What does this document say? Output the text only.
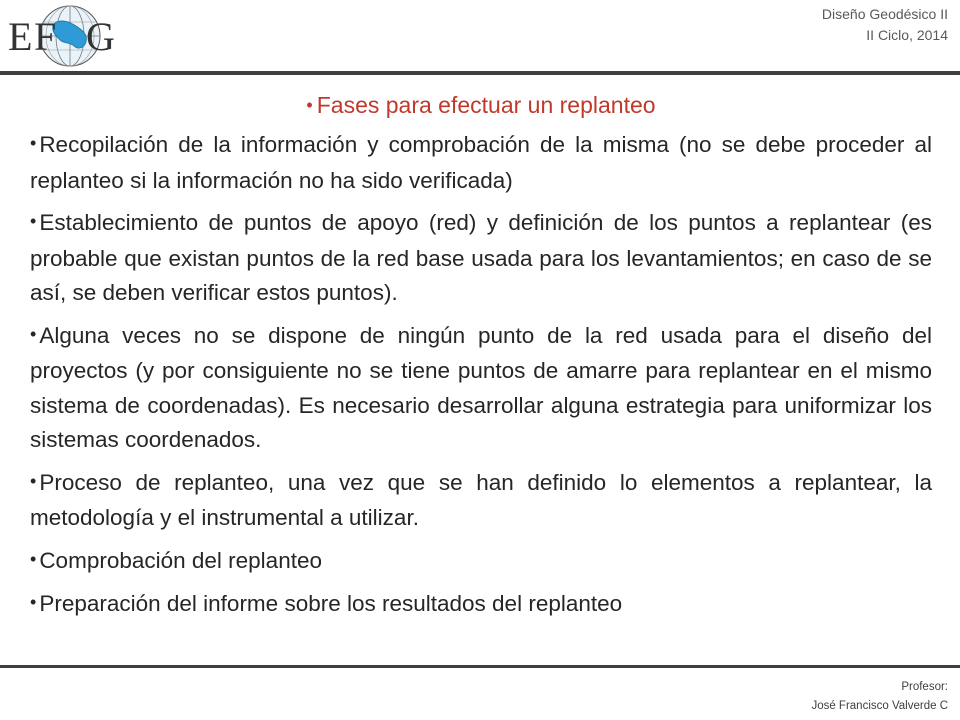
E F G	Diseño Geodésico II
II Ciclo, 2014
• Fases para efectuar un replanteo
• Recopilación de la información y comprobación de la misma (no se debe proceder al replanteo si la información no ha sido verificada)
• Establecimiento de puntos de apoyo (red) y definición de los puntos a replantear (es probable que existan puntos de la red base usada para los levantamientos; en caso de se así, se deben verificar estos puntos).
• Alguna veces no se dispone de ningún punto de la red usada para el diseño del proyectos (y por consiguiente no se tiene puntos de amarre para replantear en el mismo sistema de coordenadas). Es necesario desarrollar alguna estrategia para uniformizar los sistemas coordenados.
• Proceso de replanteo, una vez que se han definido lo elementos a replantear, la metodología y el instrumental a utilizar.
• Comprobación del replanteo
• Preparación del informe sobre los resultados del replanteo
Profesor:
José Francisco Valverde C
